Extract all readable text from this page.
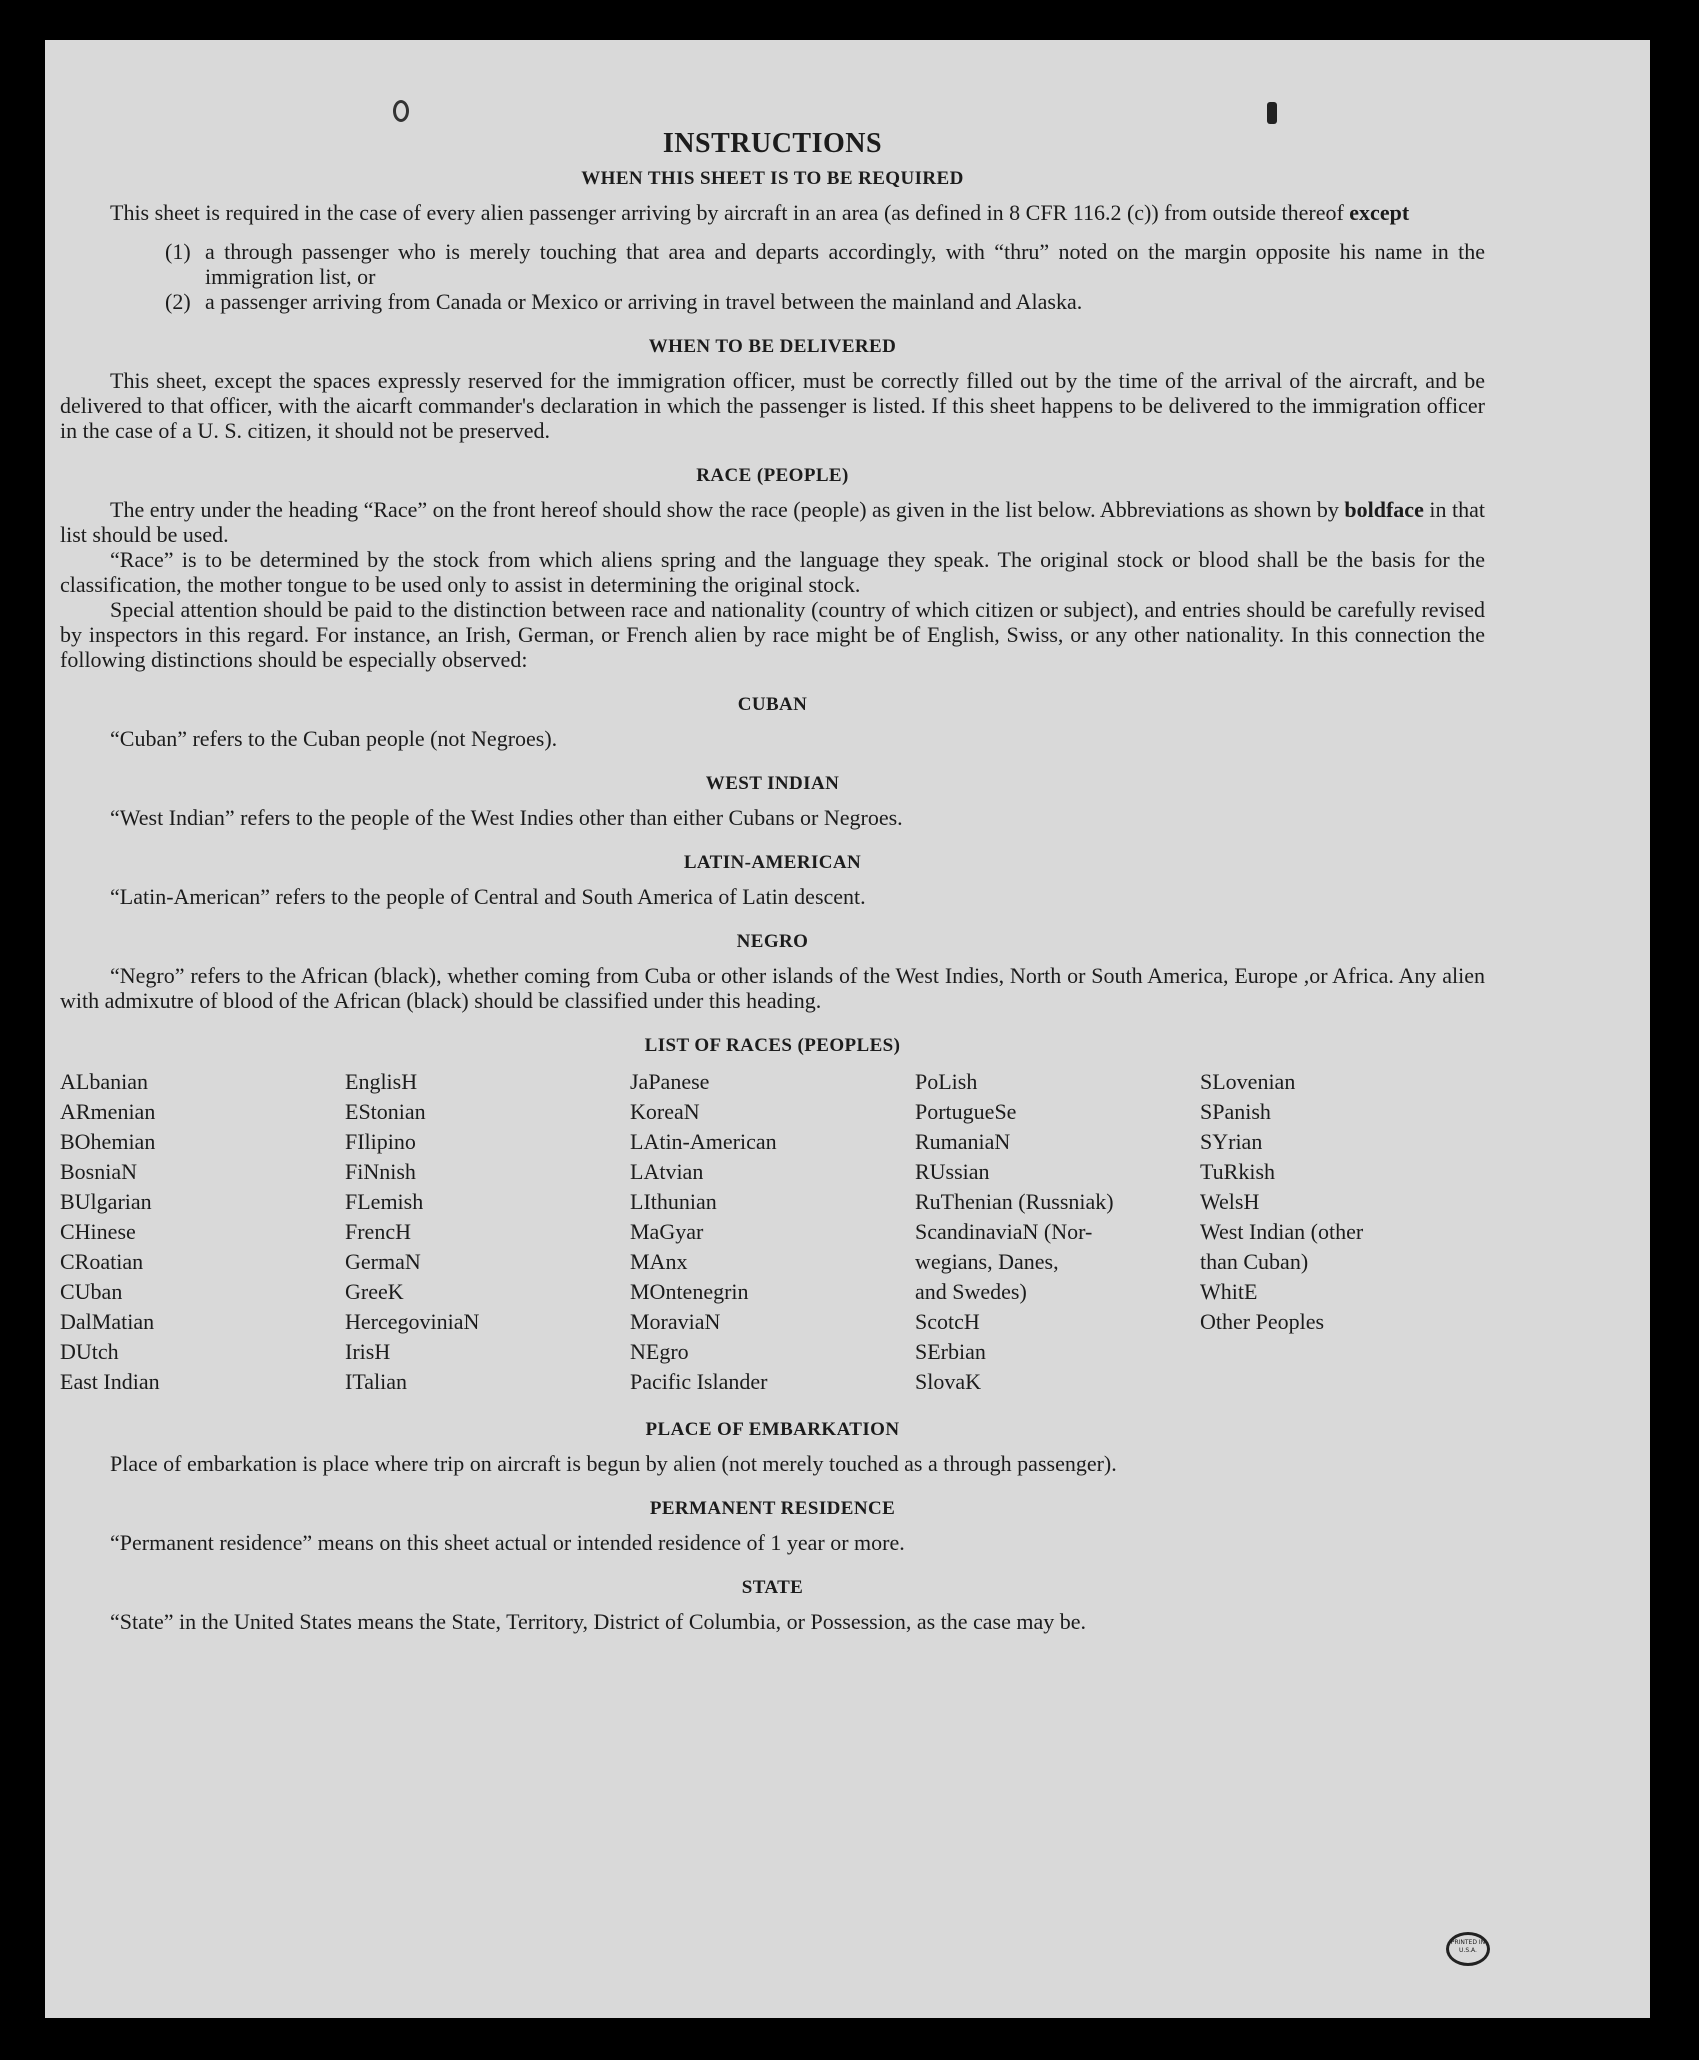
INSTRUCTIONS
WHEN THIS SHEET IS TO BE REQUIRED

This sheet is required in the case of every alien passenger arriving by aircraft in an area (as defined in 8 CFR 116.2 (c)) from outside thereof except

(1) a through passenger who is merely touching that area and departs accordingly, with “thru” noted on the margin opposite his name in the immigration list, or
(2) a passenger arriving from Canada or Mexico or arriving in travel between the mainland and Alaska.
WHEN TO BE DELIVERED

This sheet, except the spaces expressly reserved for the immigration officer, must be correctly filled out by the time of the arrival of the aircraft, and be delivered to that officer, with the aicarft commander's declaration in which the passenger is listed. If this sheet happens to be delivered to the immigration officer in the case of a U. S. citizen, it should not be preserved.

RACE (PEOPLE)

The entry under the heading “Race” on the front hereof should show the race (people) as given in the list below. Abbreviations as shown by boldface in that list should be used.

“Race” is to be determined by the stock from which aliens spring and the language they speak. The original stock or blood shall be the basis for the classification, the mother tongue to be used only to assist in determining the original stock.

Special attention should be paid to the distinction between race and nationality (country of which citizen or subject), and entries should be carefully revised by inspectors in this regard. For instance, an Irish, German, or French alien by race might be of English, Swiss, or any other nationality. In this connection the following distinctions should be especially observed:

CUBAN

“Cuban” refers to the Cuban people (not Negroes).

WEST INDIAN

“West Indian” refers to the people of the West Indies other than either Cubans or Negroes.

LATIN-AMERICAN

“Latin-American” refers to the people of Central and South America of Latin descent.

NEGRO

“Negro” refers to the African (black), whether coming from Cuba or other islands of the West Indies, North or South America, Europe ,or Africa. Any alien with admixutre of blood of the African (black) should be classified under this heading.

LIST OF RACES (PEOPLES)
ALbanian
ARmenian
BOhemian
BosniaN
BUlgarian
CHinese
CRoatian
CUban
DalMatian
DUtch
East Indian
EnglisH
EStonian
FIlipino
FiNnish
FLemish
FrencH
GermaN
GreeK
HercegoviniaN
IrisH
ITalian
JaPanese
KoreaN
LAtin-American
LAtvian
LIthunian
MaGyar
MAnx
MOntenegrin
MoraviaN
NEgro
Pacific Islander
PoLish
PortugueSe
RumaniaN
RUssian
RuThenian (Russniak)
ScandinaviaN (Nor-
wegians, Danes,
and Swedes)
ScotcH
SErbian
SlovaK
SLovenian
SPanish
SYrian
TuRkish
WelsH
West Indian (other
than Cuban)
WhitE
Other Peoples
PLACE OF EMBARKATION

Place of embarkation is place where trip on aircraft is begun by alien (not merely touched as a through passenger).

PERMANENT RESIDENCE

“Permanent residence” means on this sheet actual or intended residence of 1 year or more.

STATE

“State” in the United States means the State, Territory, District of Columbia, or Possession, as the case may be.

PRINTED IN U.S.A.
